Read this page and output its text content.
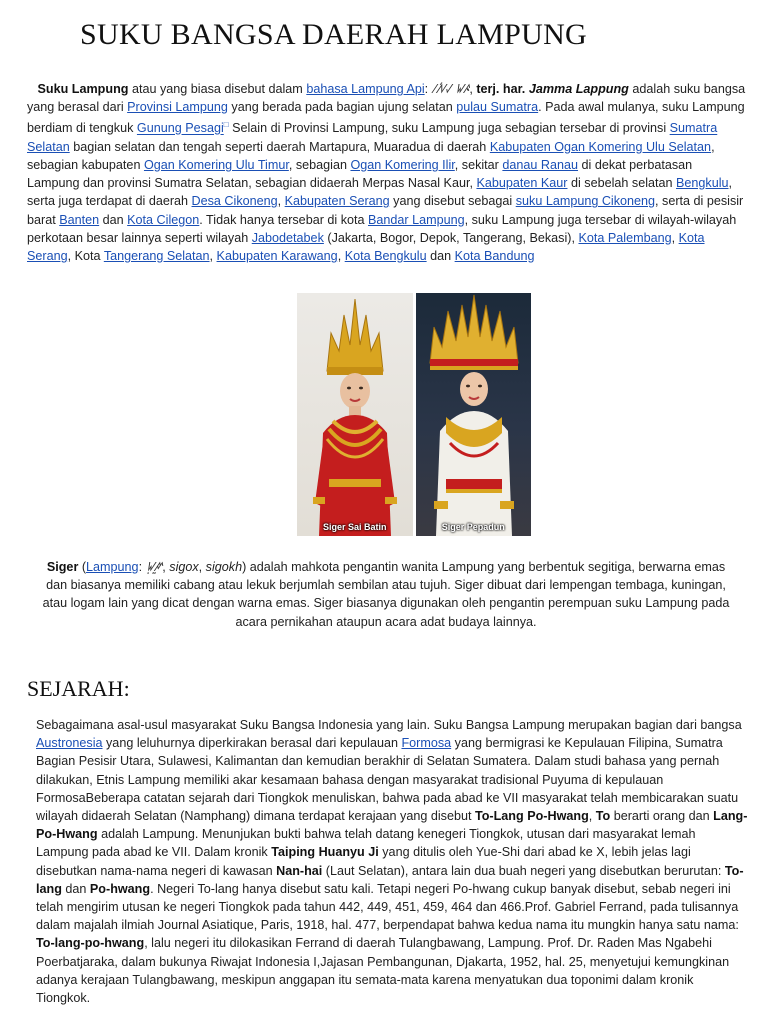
SUKU BANGSA DAERAH LAMPUNG

Suku Lampung atau yang biasa disebut dalam bahasa Lampung Api: ꤷꤾꥏꤶ ꤿꤴ, terj. har. Jamma Lappung adalah suku bangsa yang berasal dari Provinsi Lampung yang berada pada bagian ujung selatan pulau Sumatra. Pada awal mulanya, suku Lampung berdiam di tengkuk Gunung Pesagi□ Selain di Provinsi Lampung, suku Lampung juga sebagian tersebar di provinsi Sumatra Selatan bagian selatan dan tengah seperti daerah Martapura, Muaradua di daerah Kabupaten Ogan Komering Ulu Selatan, sebagian kabupaten Ogan Komering Ulu Timur, sebagian Ogan Komering Ilir, sekitar danau Ranau di dekat perbatasan Lampung dan provinsi Sumatra Selatan, sebagian didaerah Merpas Nasal Kaur, Kabupaten Kaur di sebelah selatan Bengkulu, serta juga terdapat di daerah Desa Cikoneng, Kabupaten Serang yang disebut sebagai suku Lampung Cikoneng, serta di pesisir barat Banten dan Kota Cilegon. Tidak hanya tersebar di kota Bandar Lampung, suku Lampung juga tersebar di wilayah-wilayah perkotaan besar lainnya seperti wilayah Jabodetabek (Jakarta, Bogor, Depok, Tangerang, Bekasi), Kota Palembang, Kota Serang, Kota Tangerang Selatan, Kabupaten Karawang, Kota Bengkulu dan Kota Bandung

Siger Sai Batin	Siger Pepadun

Siger (Lampung: ꤿꥈꤺꥍ, sigox, sigokh) adalah mahkota pengantin wanita Lampung yang berbentuk segitiga, berwarna emas dan biasanya memiliki cabang atau lekuk berjumlah sembilan atau tujuh. Siger dibuat dari lempengan tembaga, kuningan, atau logam lain yang dicat dengan warna emas. Siger biasanya digunakan oleh pengantin perempuan suku Lampung pada acara pernikahan ataupun acara adat budaya lainnya.

SEJARAH:

Sebagaimana asal-usul masyarakat Suku Bangsa Indonesia yang lain. Suku Bangsa Lampung merupakan bagian dari bangsa Austronesia yang leluhurnya diperkirakan berasal dari kepulauan Formosa yang bermigrasi ke Kepulauan Filipina, Sumatra Bagian Pesisir Utara, Sulawesi, Kalimantan dan kemudian berakhir di Selatan Sumatera. Dalam studi bahasa yang pernah dilakukan, Etnis Lampung memiliki akar kesamaan bahasa dengan masyarakat tradisional Puyuma di kepulauan FormosaBeberapa catatan sejarah dari Tiongkok menuliskan, bahwa pada abad ke VII masyarakat telah membicarakan suatu wilayah didaerah Selatan (Namphang) dimana terdapat kerajaan yang disebut To-Lang Po-Hwang, To berarti orang dan Lang-Po-Hwang adalah Lampung. Menunjukan bukti bahwa telah datang kenegeri Tiongkok, utusan dari masyarakat lemah Lampung pada abad ke VII. Dalam kronik Taiping Huanyu Ji yang ditulis oleh Yue-Shi dari abad ke X, lebih jelas lagi disebutkan nama-nama negeri di kawasan Nan-hai (Laut Selatan), antara lain dua buah negeri yang disebutkan berurutan: To-lang dan Po-hwang. Negeri To-lang hanya disebut satu kali. Tetapi negeri Po-hwang cukup banyak disebut, sebab negeri ini telah mengirim utusan ke negeri Tiongkok pada tahun 442, 449, 451, 459, 464 dan 466.Prof. Gabriel Ferrand, pada tulisannya dalam majalah ilmiah Journal Asiatique, Paris, 1918, hal. 477, berpendapat bahwa kedua nama itu mungkin hanya satu nama: To-lang-po-hwang, lalu negeri itu dilokasikan Ferrand di daerah Tulangbawang, Lampung. Prof. Dr. Raden Mas Ngabehi Poerbatjaraka, dalam bukunya Riwajat Indonesia I,Jajasan Pembangunan, Djakarta, 1952, hal. 25, menyetujui kemungkinan adanya kerajaan Tulangbawang, meskipun anggapan itu semata-mata karena menyatukan dua toponimi dalam kronik Tiongkok.
